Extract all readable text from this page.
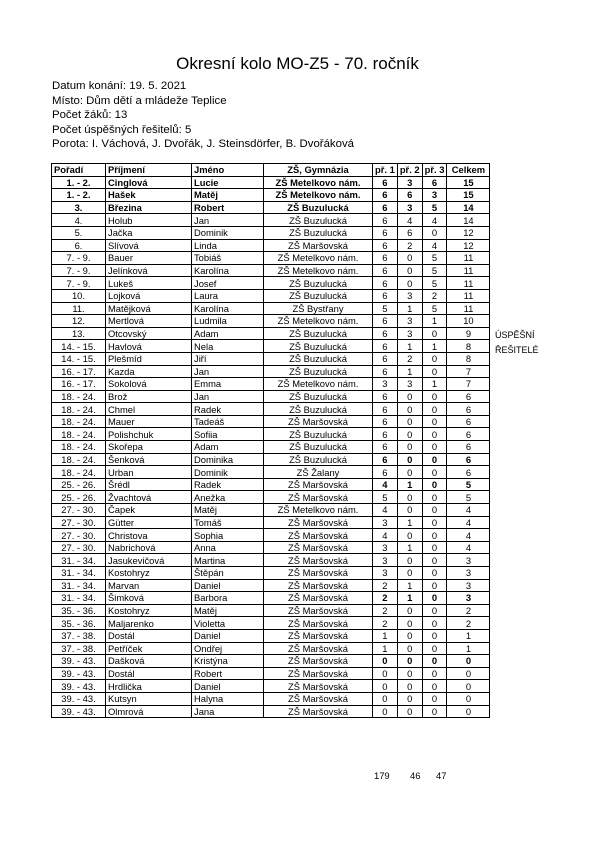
Okresní kolo MO-Z5 - 70. ročník
Datum konání: 19. 5. 2021
Místo: Dům dětí a mládeže Teplice
Počet žáků: 13
Počet úspěšných řešitelů: 5
Porota: I. Váchová, J. Dvořák, J. Steinsdörfer, B. Dvořáková
Pořadí	Příjmení	Jméno	ZŠ, Gymnázia	př. 1	př. 2	př. 3	Celkem
1. - 2.	Cinglová	Lucie	ZŠ Metelkovo nám.	6	3	6	15
1. - 2.	Hašek	Matěj	ZŠ Metelkovo nám.	6	6	3	15
3.	Březina	Robert	ZŠ Buzulucká	6	3	5	14
4.	Holub	Jan	ZŠ Buzulucká	6	4	4	14
5.	Jačka	Dominik	ZŠ Buzulucká	6	6	0	12
6.	Slívová	Linda	ZŠ Maršovská	6	2	4	12
7. - 9.	Bauer	Tobiáš	ZŠ Metelkovo nám.	6	0	5	11
7. - 9.	Jelínková	Karolína	ZŠ Metelkovo nám.	6	0	5	11
7. - 9.	Lukeš	Josef	ZŠ Buzulucká	6	0	5	11
10.	Lojková	Laura	ZŠ Buzulucká	6	3	2	11
11.	Matějková	Karolína	ZŠ Bystřany	5	1	5	11
12.	Mertlová	Ludmila	ZŠ Metelkovo nám.	6	3	1	10
13.	Otcovský	Adam	ZŠ Buzulucká	6	3	0	9
14. - 15.	Havlová	Nela	ZŠ Buzulucká	6	1	1	8
14. - 15.	Plešmíd	Jiří	ZŠ Buzulucká	6	2	0	8
16. - 17.	Kazda	Jan	ZŠ Buzulucká	6	1	0	7
16. - 17.	Sokolová	Emma	ZŠ Metelkovo nám.	3	3	1	7
18. - 24.	Brož	Jan	ZŠ Buzulucká	6	0	0	6
18. - 24.	Chmel	Radek	ZŠ Buzulucká	6	0	0	6
18. - 24.	Mauer	Tadeáš	ZŠ Maršovská	6	0	0	6
18. - 24.	Polishchuk	Sofiia	ZŠ Buzulucká	6	0	0	6
18. - 24.	Skořepa	Adam	ZŠ Buzulucká	6	0	0	6
18. - 24.	Šenková	Dominika	ZŠ Buzulucká	6	0	0	6
18. - 24.	Urban	Dominik	ZŠ Žalany	6	0	0	6
25. - 26.	Šrédl	Radek	ZŠ Maršovská	4	1	0	5
25. - 26.	Žvachtová	Anežka	ZŠ Maršovská	5	0	0	5
27. - 30.	Čapek	Matěj	ZŠ Metelkovo nám.	4	0	0	4
27. - 30.	Gütter	Tomáš	ZŠ Maršovská	3	1	0	4
27. - 30.	Christova	Sophia	ZŠ Maršovská	4	0	0	4
27. - 30.	Nabrichová	Anna	ZŠ Maršovská	3	1	0	4
31. - 34.	Jasukevičová	Martina	ZŠ Maršovská	3	0	0	3
31. - 34.	Kostohryz	Štěpán	ZŠ Maršovská	3	0	0	3
31. - 34.	Marvan	Daniel	ZŠ Maršovská	2	1	0	3
31. - 34.	Šimková	Barbora	ZŠ Maršovská	2	1	0	3
35. - 36.	Kostohryz	Matěj	ZŠ Maršovská	2	0	0	2
35. - 36.	Maljarenko	Violetta	ZŠ Maršovská	2	0	0	2
37. - 38.	Dostál	Daniel	ZŠ Maršovská	1	0	0	1
37. - 38.	Petříček	Ondřej	ZŠ Maršovská	1	0	0	1
39. - 43.	Dašková	Kristýna	ZŠ Maršovská	0	0	0	0
39. - 43.	Dostál	Robert	ZŠ Maršovská	0	0	0	0
39. - 43.	Hrdlička	Daniel	ZŠ Maršovská	0	0	0	0
39. - 43.	Kutsyn	Halyna	ZŠ Maršovská	0	0	0	0
39. - 43.	Olmrová	Jana	ZŠ Maršovská	0	0	0	0
ÚSPĚŠNÍ
ŘEŠITELÉ
179 46 47
